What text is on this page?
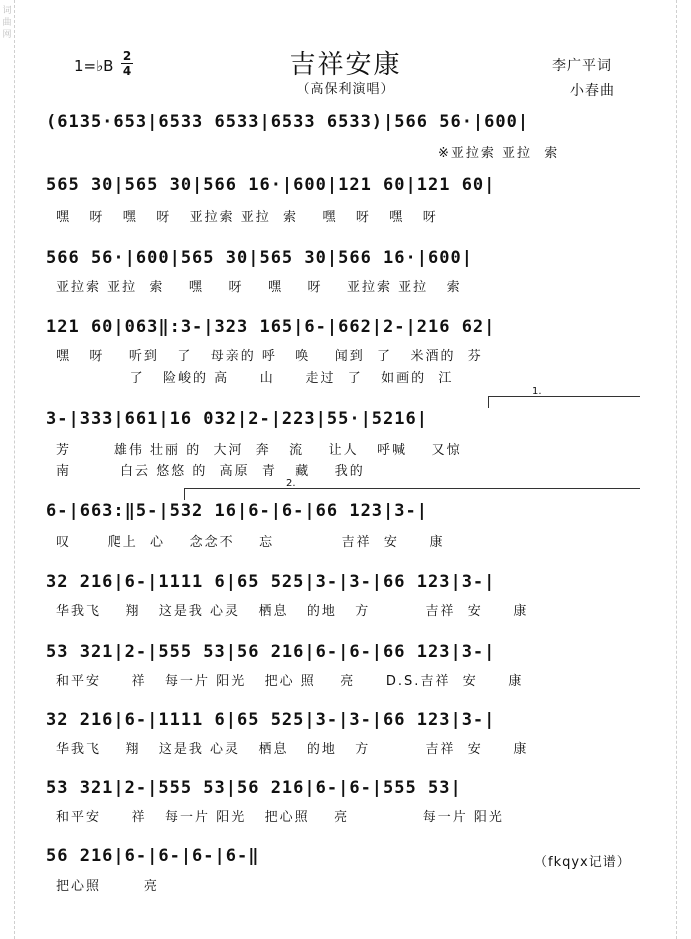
词
曲
网
吉祥安康
（高保利演唱）
1=♭B
2
4	李广平词
小春曲
(6135·653|6533 6533|6533 6533)|566 56·|600|
※亚拉索 亚拉  索
565 30|565 30|566 16·|600|121 60|121 60|
嘿   呀   嘿   呀   亚拉索 亚拉  索    嘿   呀   嘿   呀
566 56·|600|565 30|565 30|566 16·|600|
亚拉索 亚拉  索    嘿    呀    嘿    呀    亚拉索 亚拉   索
121 60|063‖:3-|323 165|6-|662|2-|216 62|
嘿   呀    听到   了   母亲的 呼   唤    闻到  了   米酒的  芬
了   险峻的 高     山     走过  了   如画的  江
1.
3-|333|661|16 032|2-|223|55·|5216|
芳       雄伟 壮丽 的  大河  奔   流    让人   呼喊    又惊
南        白云 悠悠 的  高原  青   藏    我的
2.
6-|663:‖5-|532 16|6-|6-|66 123|3-|
叹      爬上  心    念念不    忘           吉祥  安     康
32 216|6-|1111 6|65 525|3-|3-|66 123|3-|
华我飞    翔   这是我 心灵   栖息   的地   方         吉祥  安     康
53 321|2-|555 53|56 216|6-|6-|66 123|3-|
和平安     祥   每一片 阳光   把心 照    亮     D.S.吉祥  安     康
32 216|6-|1111 6|65 525|3-|3-|66 123|3-|
华我飞    翔   这是我 心灵   栖息   的地   方         吉祥  安     康
53 321|2-|555 53|56 216|6-|6-|555 53|
和平安     祥   每一片 阳光   把心照    亮            每一片 阳光
56 216|6-|6-|6-|6-‖
把心照       亮
（fkqyx记谱）
